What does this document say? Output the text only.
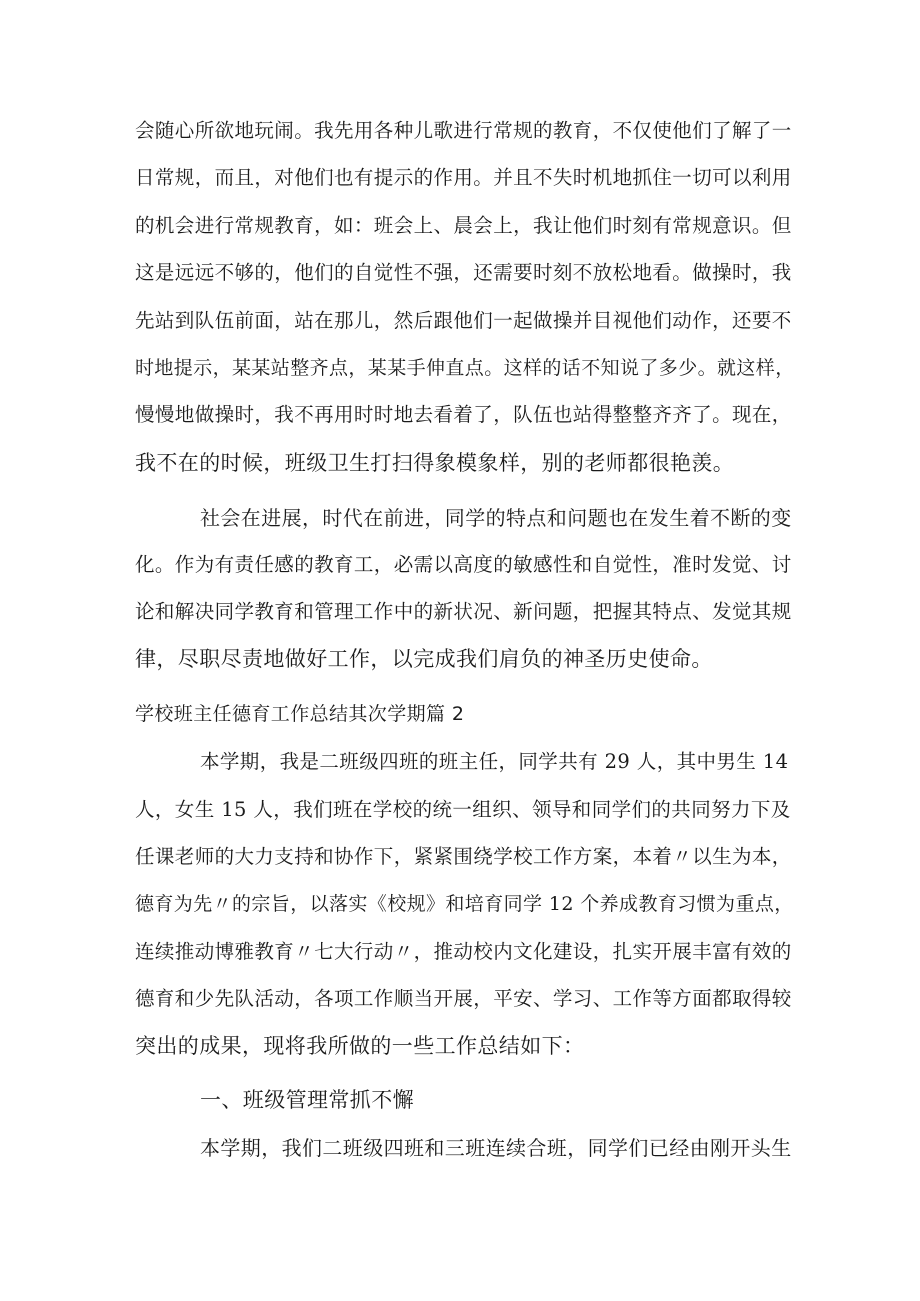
会随心所欲地玩闹。我先用各种儿歌进行常规的教育，不仅使他们了解了一
日常规，而且，对他们也有提示的作用。并且不失时机地抓住一切可以利用
的机会进行常规教育，如：班会上、晨会上，我让他们时刻有常规意识。但
这是远远不够的，他们的自觉性不强，还需要时刻不放松地看。做操时，我
先站到队伍前面，站在那儿，然后跟他们一起做操并目视他们动作，还要不
时地提示，某某站整齐点，某某手伸直点。这样的话不知说了多少。就这样，
慢慢地做操时，我不再用时时地去看着了，队伍也站得整整齐齐了。现在，
我不在的时候，班级卫生打扫得象模象样，别的老师都很艳羡。
社会在进展，时代在前进，同学的特点和问题也在发生着不断的变
化。作为有责任感的教育工，必需以高度的敏感性和自觉性，准时发觉、讨
论和解决同学教育和管理工作中的新状况、新问题，把握其特点、发觉其规
律，尽职尽责地做好工作，以完成我们肩负的神圣历史使命。
学校班主任德育工作总结其次学期篇 2
本学期，我是二班级四班的班主任，同学共有 29 人，其中男生 14
人，女生 15 人，我们班在学校的统一组织、领导和同学们的共同努力下及
任课老师的大力支持和协作下，紧紧围绕学校工作方案，本着〃以生为本，
德育为先〃的宗旨，以落实《校规》和培育同学 12 个养成教育习惯为重点，
连续推动博雅教育〃七大行动〃，推动校内文化建设，扎实开展丰富有效的
德育和少先队活动，各项工作顺当开展，平安、学习、工作等方面都取得较
突出的成果，现将我所做的一些工作总结如下：
一、班级管理常抓不懈
本学期，我们二班级四班和三班连续合班，同学们已经由刚开头生
